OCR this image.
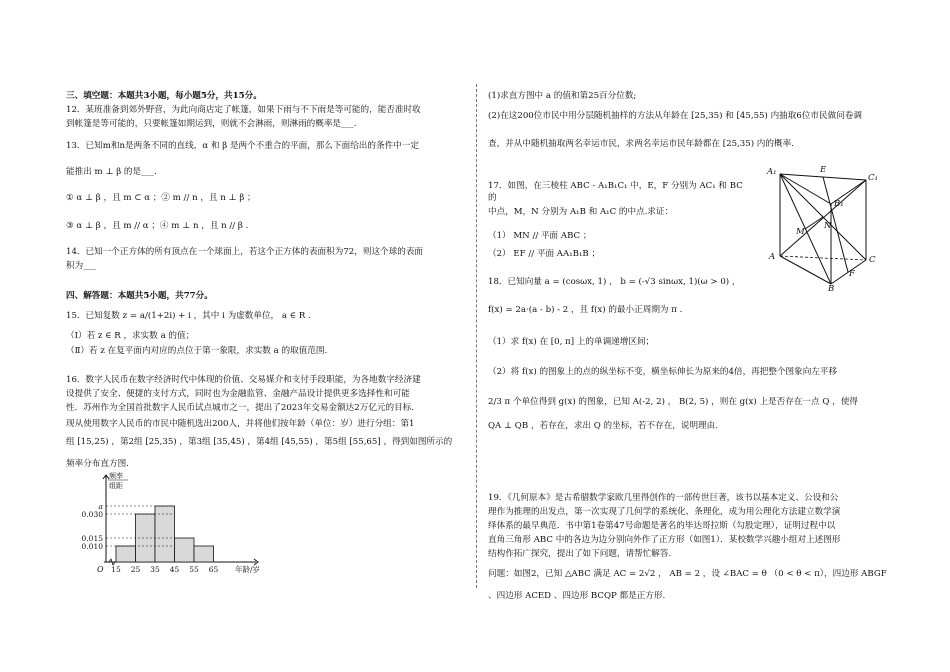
三、填空题：本题共3小题，每小题5分，共15分。
12．某班准备到郊外野营，为此向商店定了帐篷，如果下雨与不下雨是等可能的，能否准时收
到帐篷是等可能的，只要帐篷如期运到，则就不会淋雨，则淋雨的概率是___.
13．已知m和n是两条不同的直线，α 和 β 是两个不重合的平面，那么下面给出的条件中一定
能推出 m ⊥ β 的是___.
① α ⊥ β ，且 m ⊂ α ；② m // n ，且 n ⊥ β ；
③ α ⊥ β ，且 m // α ；④ m ⊥ n ，且 n // β .
14．已知一个正方体的所有顶点在一个球面上，若这个正方体的表面积为72，则这个球的表面
积为___
四、解答题：本题共5小题，共77分。
15．已知复数 z = a/(1+2i) + i ，其中 i 为虚数单位， a ∈ R .
（Ⅰ）若 z ∈ R ，求实数 a 的值；
（Ⅱ）若 z 在复平面内对应的点位于第一象限，求实数 a 的取值范围.
16．数字人民币在数字经济时代中体现的价值、交易媒介和支付手段职能，为各地数字经济建
设提供了安全、便捷的支付方式，同时也为金融监管、金融产品设计提供更多选择性和可能
性．苏州作为全国首批数字人民币试点城市之一，提出了2023年交易金额达2万亿元的目标.
现从使用数字人民币的市民中随机选出200人，并将他们按年龄（单位：岁）进行分组：第1
组 [15,25) ，第2组 [25,35) ，第3组 [35,45) ，第4组 [45,55) ，第5组 [55,65] ，得到如图所示的
频率分布直方图.
a
0.030
0.015
0.010
15 25 35 45 55 65
O	年龄/岁
频率
组距
(1)求直方图中 a 的值和第25百分位数;
(2)在这200位市民中用分层随机抽样的方法从年龄在 [25,35) 和 [45,55) 内抽取6位市民做问卷调
查，并从中随机抽取两名幸运市民，求两名幸运市民年龄都在 [25,35) 内的概率.
17．如图，在三棱柱 ABC - A₁B₁C₁ 中，E，F 分别为 AC₁ 和 BC 的
中点，M，N 分别为 A₁B 和 A₁C 的中点.求证：
（1） MN // 平面 ABC ；
（2） EF // 平面 AA₁B₁B ；
18．已知向量 a = (cosωx, 1) ， b = (-√3 sinωx, 1)(ω > 0) ，
f(x) = 2a·(a - b) - 2 ，且 f(x) 的最小正周期为 π .
（1）求 f(x) 在 [0, π] 上的单调递增区间；
（2）将 f(x) 的图象上的点的纵坐标不变，横坐标伸长为原来的4倍，再把整个图象向左平移
2/3 π 个单位得到 g(x) 的图象，已知 A(-2, 2) ， B(2, 5) ，则在 g(x) 上是否存在一点 Q ，使得
QA ⊥ QB ，若存在，求出 Q 的坐标，若不存在，说明理由.
19．《几何原本》是古希腊数学家欧几里得创作的一部传世巨著，该书以基本定义、公设和公
理作为推理的出发点，第一次实现了几何学的系统化、条理化，成为用公理化方法建立数学演
绎体系的最早典范．书中第1卷第47号命题是著名的毕达哥拉斯（勾股定理），证明过程中以
直角三角形 ABC 中的各边为边分别向外作了正方形（如图1）．某校数学兴趣小组对上述图形
结构作拓广探究，提出了如下问题，请帮忙解答.
问题：如图2，已知 △ABC 满足 AC = 2√2 ， AB = 2 ，设 ∠BAC = θ （0 < θ < π），四边形 ABGF
、四边形 ACED 、四边形 BCQP 都是正方形.
A₁	E
C₁
B₁
M
N
C
A
F
B
